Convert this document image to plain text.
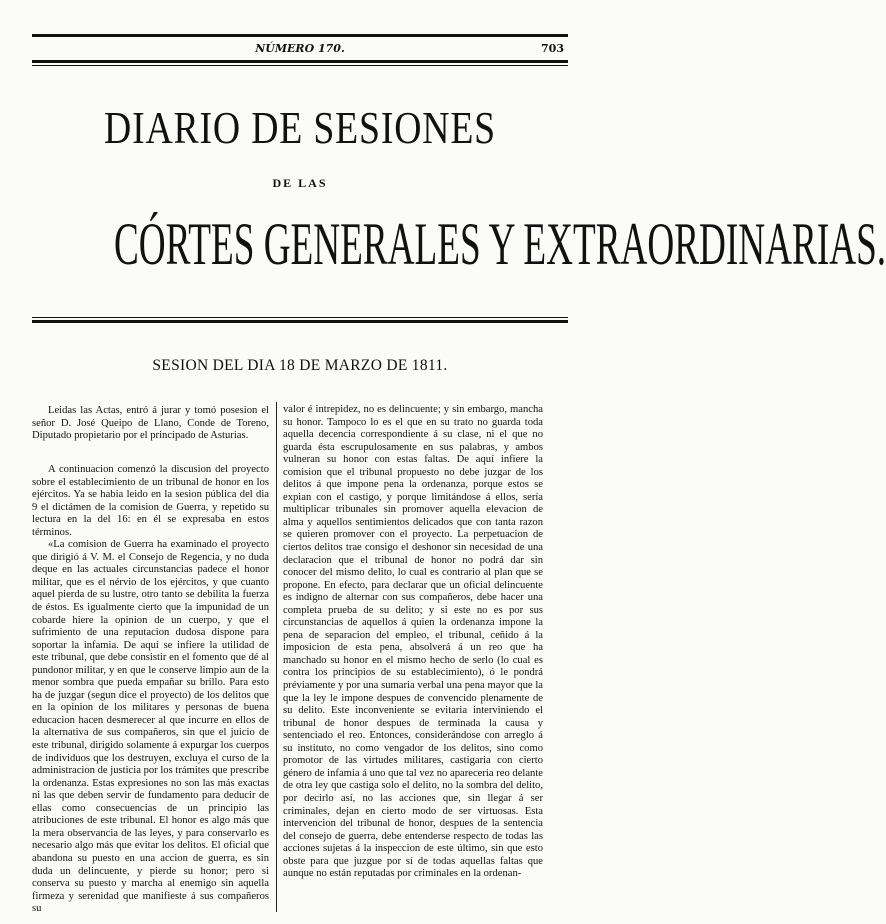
NÚMERO 170.	703
DIARIO DE SESIONES
DE LAS
CÓRTES GENERALES Y EXTRAORDINARIAS.
SESION DEL DIA 18 DE MARZO DE 1811.

Leidas las Actas, entró á jurar y tomó posesion el señor D. José Queipo de Llano, Conde de Toreno, Diputado propietario por el principado de Asturias.

A continuacion comenzó la discusion del proyecto sobre el establecimiento de un tribunal de honor en los ejércitos. Ya se habia leido en la sesion pública del dia 9 el dictámen de la comision de Guerra, y repetido su lectura en la del 16: en él se expresaba en estos términos.

«La comision de Guerra ha examinado el proyecto que dirigió á V. M. el Consejo de Regencia, y no duda deque en las actuales circunstancias padece el honor militar, que es el nérvio de los ejércitos, y que cuanto aquel pierda de su lustre, otro tanto se debilita la fuerza de éstos. Es igualmente cierto que la impunidad de un cobarde hiere la opinion de un cuerpo, y que el sufrimiento de una reputacion dudosa dispone para soportar la infamia. De aquí se infiere la utilidad de este tribunal, que debe consistir en el fomento que dé al pundonor militar, y en que le conserve limpio aun de la menor sombra que pueda empañar su brillo. Para esto ha de juzgar (segun dice el proyecto) de los delitos que en la opinion de los militares y personas de buena educacion hacen desmerecer al que incurre en ellos de la alternativa de sus compañeros, sin que el juicio de este tribunal, dirigido solamente á expurgar los cuerpos de individuos que los destruyen, excluya el curso de la administracion de justicia por los trámites que prescribe la ordenanza. Estas expresiones no son las más exactas ni las que deben servir de fundamento para deducir de ellas como consecuencias de un principio las atribuciones de este tribunal. El honor es algo más que la mera observancia de las leyes, y para conservarlo es necesario algo más que evitar los delitos. El oficial que abandona su puesto en una accion de guerra, es sin duda un delincuente, y pierde su honor; pero si conserva su puesto y marcha al enemigo sin aquella firmeza y serenidad que manifieste á sus compañeros su

valor é intrepidez, no es delincuente; y sin embargo, mancha su honor. Tampoco lo es el que en su trato no guarda toda aquella decencia correspondiente á su clase, ni el que no guarda ésta escrupulosamente en sus palabras, y ambos vulneran su honor con estas faltas. De aquí infiere la comision que el tribunal propuesto no debe juzgar de los delitos á que impone pena la ordenanza, porque estos se expian con el castigo, y porque limitándose á ellos, sería multiplicar tribunales sin promover aquella elevacion de alma y aquellos sentimientos delicados que con tanta razon se quieren promover con el proyecto. La perpetuacion de ciertos delitos trae consigo el deshonor sin necesidad de una declaracion que el tribunal de honor no podrá dar sin conocer del mismo delito, lo cual es contrario al plan que se propone. En efecto, para declarar que un oficial delincuente es indigno de alternar con sus compañeros, debe hacer una completa prueba de su delito; y si este no es por sus circunstancias de aquellos á quien la ordenanza impone la pena de separacion del empleo, el tribunal, ceñido á la imposicion de esta pena, absolverá á un reo que ha manchado su honor en el mismo hecho de serlo (lo cual es contra los principios de su establecimiento), ó le pondrá préviamente y por una sumaria verbal una pena mayor que la que la ley le impone despues de convencido plenamente de su delito. Este inconveniente se evitaria interviniendo el tribunal de honor despues de terminada la causa y sentenciado el reo. Entonces, considerándose con arreglo á su instituto, no como vengador de los delitos, sino como promotor de las virtudes militares, castigaria con cierto género de infamia á uno que tal vez no apareceria reo delante de otra ley que castiga solo el delito, no la sombra del delito, por decirlo así, no las acciones que, sin llegar á ser criminales, dejan en cierto modo de ser virtuosas. Esta intervencion del tribunal de honor, despues de la sentencia del consejo de guerra, debe entenderse respecto de todas las acciones sujetas á la inspeccion de este último, sin que esto obste para que juzgue por sí de todas aquellas faltas que aunque no están reputadas por criminales en la ordenan-
